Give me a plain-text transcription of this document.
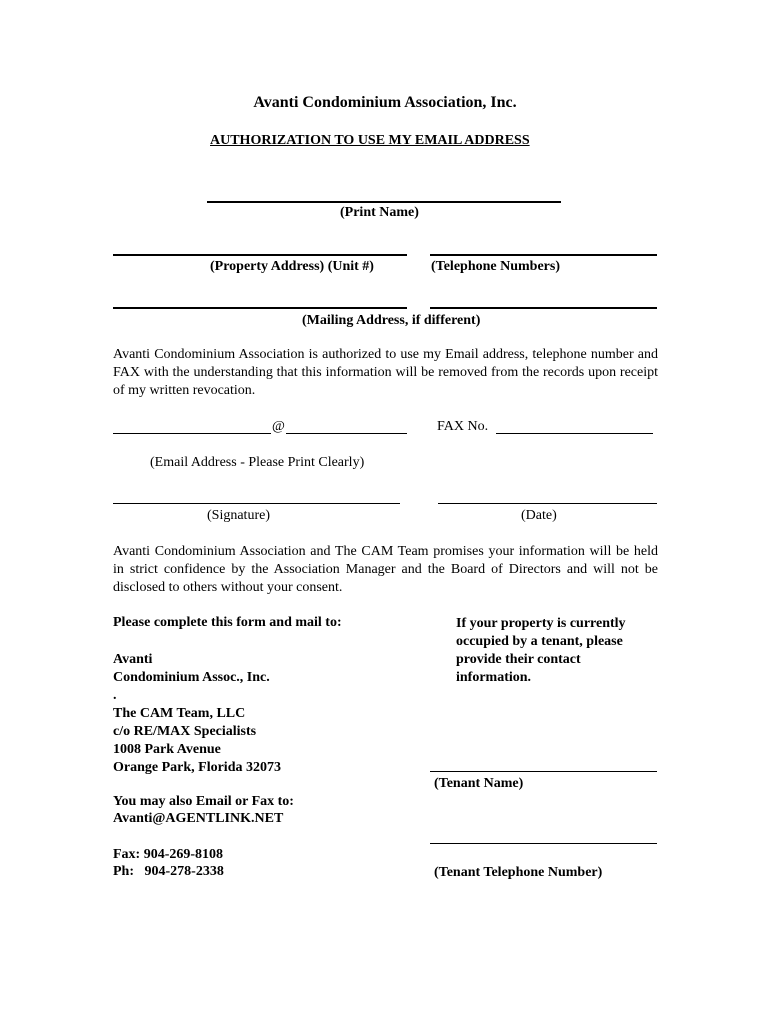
Avanti Condominium Association, Inc.
AUTHORIZATION TO USE MY EMAIL ADDRESS
(Print Name)
(Property Address) (Unit #)	(Telephone Numbers)
(Mailing Address, if different)
Avanti Condominium Association is authorized to use my Email address, telephone number and FAX with the understanding that this information will be removed from the records upon receipt of my written revocation.
@	FAX No.
(Email Address - Please Print Clearly)
(Signature)	(Date)
Avanti Condominium Association and The CAM Team promises your information will be held in strict confidence by the Association Manager and the Board of Directors and will not be disclosed to others without your consent.
Please complete this form and mail to:
Avanti
Condominium Assoc., Inc.
.
The CAM Team, LLC
c/o RE/MAX Specialists
1008 Park Avenue
Orange Park, Florida 32073
You may also Email or Fax to:
Avanti@AGENTLINK.NET
Fax: 904-269-8108
Ph:   904-278-2338
If your property is currently
occupied by a tenant, please
provide their contact
information.
(Tenant Name)
(Tenant Telephone Number)
